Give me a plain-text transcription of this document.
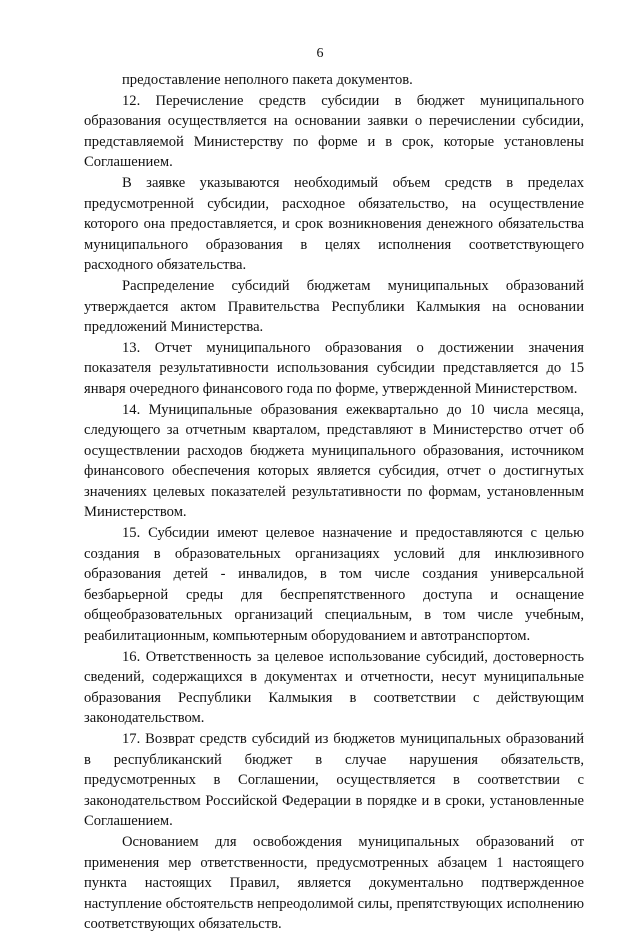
6

предоставление неполного пакета документов.

12. Перечисление средств субсидии в бюджет муниципального образования осуществляется на основании заявки о перечислении субсидии, представляемой Министерству по форме и в срок, которые установлены Соглашением.

В заявке указываются необходимый объем средств в пределах предусмотренной субсидии, расходное обязательство, на осуществление которого она предоставляется, и срок возникновения денежного обязательства муниципального образования в целях исполнения соответствующего расходного обязательства.

Распределение субсидий бюджетам муниципальных образований утверждается актом Правительства Республики Калмыкия на основании предложений Министерства.

13. Отчет муниципального образования о достижении значения показателя результативности использования субсидии представляется до 15 января очередного финансового года по форме, утвержденной Министерством.

14. Муниципальные образования ежеквартально до 10 числа месяца, следующего за отчетным кварталом, представляют в Министерство отчет об осуществлении расходов бюджета муниципального образования, источником финансового обеспечения которых является субсидия, отчет о достигнутых значениях целевых показателей результативности по формам, установленным Министерством.

15. Субсидии имеют целевое назначение и предоставляются с целью создания в образовательных организациях условий для инклюзивного образования детей - инвалидов, в том числе создания универсальной безбарьерной среды для беспрепятственного доступа и оснащение общеобразовательных организаций специальным, в том числе учебным, реабилитационным, компьютерным оборудованием и автотранспортом.

16. Ответственность за целевое использование субсидий, достоверность сведений, содержащихся в документах и отчетности, несут муниципальные образования Республики Калмыкия в соответствии с действующим законодательством.

17. Возврат средств субсидий из бюджетов муниципальных образований в республиканский бюджет в случае нарушения обязательств, предусмотренных в Соглашении, осуществляется в соответствии с законодательством Российской Федерации в порядке и в сроки, установленные Соглашением.

Основанием для освобождения муниципальных образований от применения мер ответственности, предусмотренных абзацем 1 настоящего пункта настоящих Правил, является документально подтвержденное наступление обстоятельств непреодолимой силы, препятствующих исполнению соответствующих обязательств.
